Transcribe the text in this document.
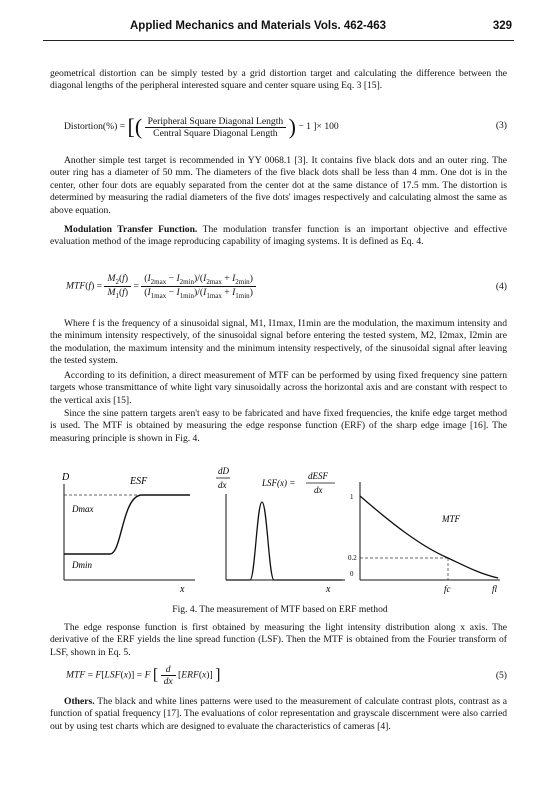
Applied Mechanics and Materials Vols. 462-463	329

geometrical distortion can be simply tested by a grid distortion target and calculating the difference between the diagonal lengths of the peripheral interested square and center square using Eq. 3 [15].

Distortion(%) = [( $\frac{\text{Peripheral Square Diagonal Length}}{\text{Central Square Diagonal Length}}$ ) − 1 ]× 100	(3)

Another simple test target is recommended in YY 0068.1 [3]. It contains five black dots and an outer ring. The outer ring has a diameter of 50 mm. The diameters of the five black dots shall be less than 4 mm. One dot is in the center, other four dots are equably separated from the center dot at the same distance of 17.5 mm. The distortion is determined by measuring the radial diameters of the five dots' images respectively and calculating almost the same as above equation.

Modulation Transfer Function. The modulation transfer function is an important objective and effective evaluation method of the image reproducing capability of imaging systems. It is defined as Eq. 4.

$MTF(f) = \frac{M_2(f)}{M_1(f)} = \frac{(I_{2max} - I_{2min})/(I_{2max} + I_{2min})}{(I_{1max} - I_{1min})/(I_{1max} + I_{1min})}$	(4)

Where f is the frequency of a sinusoidal signal, M1, I1max, I1min are the modulation, the maximum intensity and the minimum intensity respectively, of the sinusoidal signal before entering the tested system, M2, I2max, I2min are the modulation, the maximum intensity and the minimum intensity respectively, of the sinusoidal signal after leaving the tested system.

According to its definition, a direct measurement of MTF can be performed by using fixed frequency sine pattern targets whose transmittance of white light vary sinusoidally across the horizontal axis and are constant with respect to the vertical axis [15].

Since the sine pattern targets aren't easy to be fabricated and have fixed frequencies, the knife edge target method is used. The MTF is obtained by measuring the edge response function (ERF) of the sharp edge image [16]. The measuring principle is shown in Fig. 4.

D	ESF
Dmax
Dmin
x
dD
dx	LSF(x) =
dESF
dx
x
1
0.2
0
MTF
fc	fl
Fig. 4. The measurement of MTF based on ERF method

The edge response function is first obtained by measuring the light intensity distribution along x axis. The derivative of the ERF yields the line spread function (LSF). Then the MTF is obtained from the Fourier transform of LSF, shown in Eq. 5.

MTF = F[LSF(x)] = F [ $\frac{d}{dx} [ERF(x)]$ ]	(5)

Others. The black and white lines patterns were used to the measurement of calculate contrast plots, contrast as a function of spatial frequency [17]. The evaluations of color representation and grayscale discernment were also carried out by using test charts which are designed to evaluate the characteristics of cameras [4].
